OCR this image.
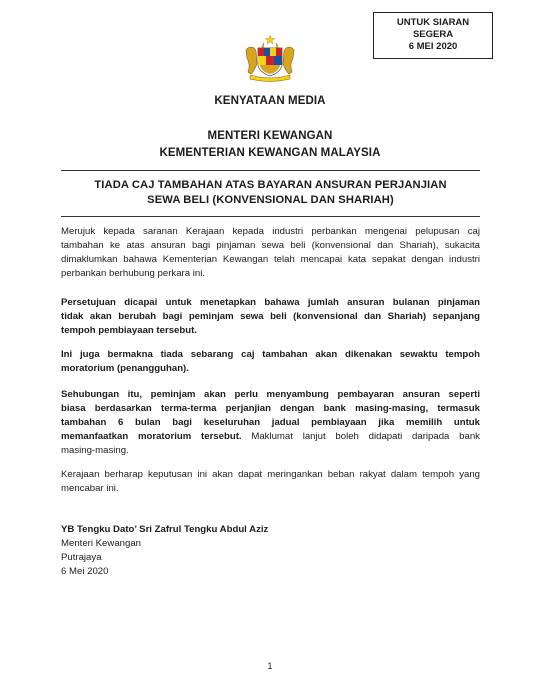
UNTUK SIARAN
SEGERA
6 MEI 2020
KENYATAAN MEDIA
MENTERI KEWANGAN
KEMENTERIAN KEWANGAN MALAYSIA
TIADA CAJ TAMBAHAN ATAS BAYARAN ANSURAN PERJANJIAN
SEWA BELI (KONVENSIONAL DAN SHARIAH)
Merujuk kepada saranan Kerajaan kepada industri perbankan mengenai pelupusan caj
tambahan ke atas ansuran bagi pinjaman sewa beli (konvensional dan Shariah), sukacita
dimaklumkan bahawa Kementerian Kewangan telah mencapai kata sepakat dengan industri
perbankan berhubung perkara ini.
Persetujuan dicapai untuk menetapkan bahawa jumlah ansuran bulanan pinjaman
tidak akan berubah bagi peminjam sewa beli (konvensional dan Shariah) sepanjang
tempoh pembiayaan tersebut.
Ini juga bermakna tiada sebarang caj tambahan akan dikenakan sewaktu tempoh
moratorium (penangguhan).
Sehubungan itu, peminjam akan perlu menyambung pembayaran ansuran seperti
biasa berdasarkan terma-terma perjanjian dengan bank masing-masing, termasuk
tambahan 6 bulan bagi keseluruhan jadual pembiayaan jika memilih untuk
memanfaatkan moratorium tersebut. Maklumat lanjut boleh didapati daripada bank
masing-masing.
Kerajaan berharap keputusan ini akan dapat meringankan beban rakyat dalam tempoh yang
mencabar ini.
YB Tengku Dato’ Sri Zafrul Tengku Abdul Aziz
Menteri Kewangan
Putrajaya
6 Mei 2020
1
